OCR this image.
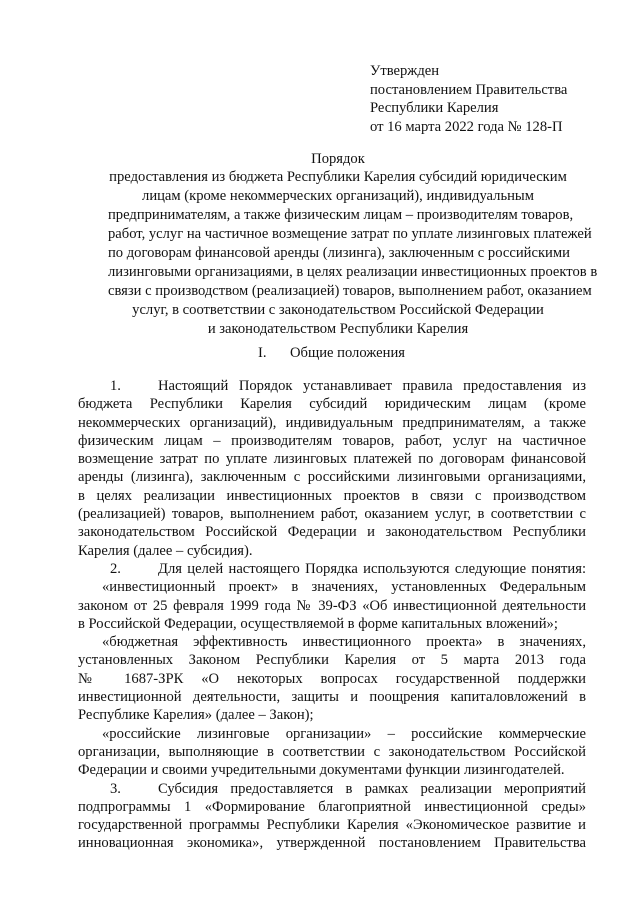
Утвержден
постановлением Правительства
Республики Карелия
от 16 марта 2022 года № 128-П
Порядок
предоставления из бюджета Республики Карелия субсидий юридическим
лицам (кроме некоммерческих организаций), индивидуальным
предпринимателям, а также физическим лицам – производителям товаров,
работ, услуг на частичное возмещение затрат по уплате лизинговых платежей
по договорам финансовой аренды (лизинга), заключенным с российскими
лизинговыми организациями, в целях реализации инвестиционных проектов в
связи с производством (реализацией) товаров, выполнением работ, оказанием
услуг, в соответствии с законодательством Российской Федерации
и законодательством Республики Карелия
I. Общие положения
1.	Настоящий Порядок устанавливает правила предоставления из
бюджета Республики Карелия субсидий юридическим лицам (кроме
некоммерческих организаций), индивидуальным предпринимателям, а также
физическим лицам – производителям товаров, работ, услуг на частичное
возмещение затрат по уплате лизинговых платежей по договорам финансовой
аренды (лизинга), заключенным с российскими лизинговыми организациями,
в целях реализации инвестиционных проектов в связи с производством
(реализацией) товаров, выполнением работ, оказанием услуг, в соответствии с
законодательством Российской Федерации и законодательством Республики
Карелия (далее – субсидия).
2.	Для целей настоящего Порядка используются следующие понятия:
«инвестиционный проект» в значениях, установленных Федеральным
законом от 25 февраля 1999 года № 39-ФЗ «Об инвестиционной деятельности
в Российской Федерации, осуществляемой в форме капитальных вложений»;
«бюджетная эффективность инвестиционного проекта» в значениях,
установленных Законом Республики Карелия от 5 марта 2013 года
№ 1687-ЗРК «О некоторых вопросах государственной поддержки
инвестиционной деятельности, защиты и поощрения капиталовложений в
Республике Карелия» (далее – Закон);
«российские лизинговые организации» – российские коммерческие
организации, выполняющие в соответствии с законодательством Российской
Федерации и своими учредительными документами функции лизингодателей.
3.	Субсидия предоставляется в рамках реализации мероприятий
подпрограммы 1 «Формирование благоприятной инвестиционной среды»
государственной программы Республики Карелия «Экономическое развитие и
инновационная экономика», утвержденной постановлением Правительства
